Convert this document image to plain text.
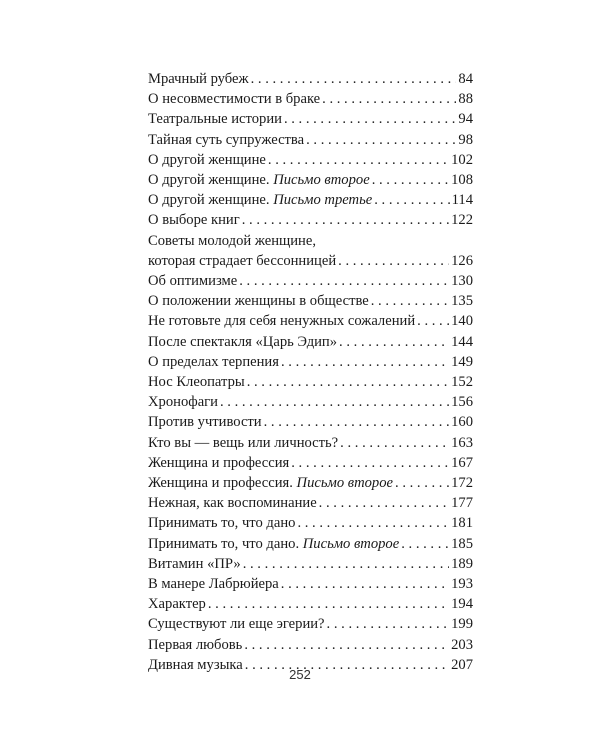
Мрачный рубеж . . .	84
О несовместимости в браке . . .	88
Театральные истории . . .	94
Тайная суть супружества . . .	98
О другой женщине . . .	102
О другой женщине. Письмо второе . . .	108
О другой женщине. Письмо третье . . .	114
О выборе книг . . .	122
Советы молодой женщине,
которая страдает бессонницей . . .	126
Об оптимизме . . .	130
О положении женщины в обществе . . .	135
Не готовьте для себя ненужных сожалений . . . 140
После спектакля «Царь Эдип» . . .	144
О пределах терпения . . .	149
Нос Клеопатры . . .	152
Хронофаги . . .	156
Против учтивости . . .	160
Кто вы — вещь или личность? . . .	163
Женщина и профессия . . .	167
Женщина и профессия. Письмо второе . . .	172
Нежная, как воспоминание . . .	177
Принимать то, что дано . . .	181
Принимать то, что дано. Письмо второе . . .	185
Витамин «ПР» . . .	189
В манере Лабрюйера . . .	193
Характер . . .	194
Существуют ли еще эгерии? . . .	199
Первая любовь . . .	203
Дивная музыка . . .	207
252
